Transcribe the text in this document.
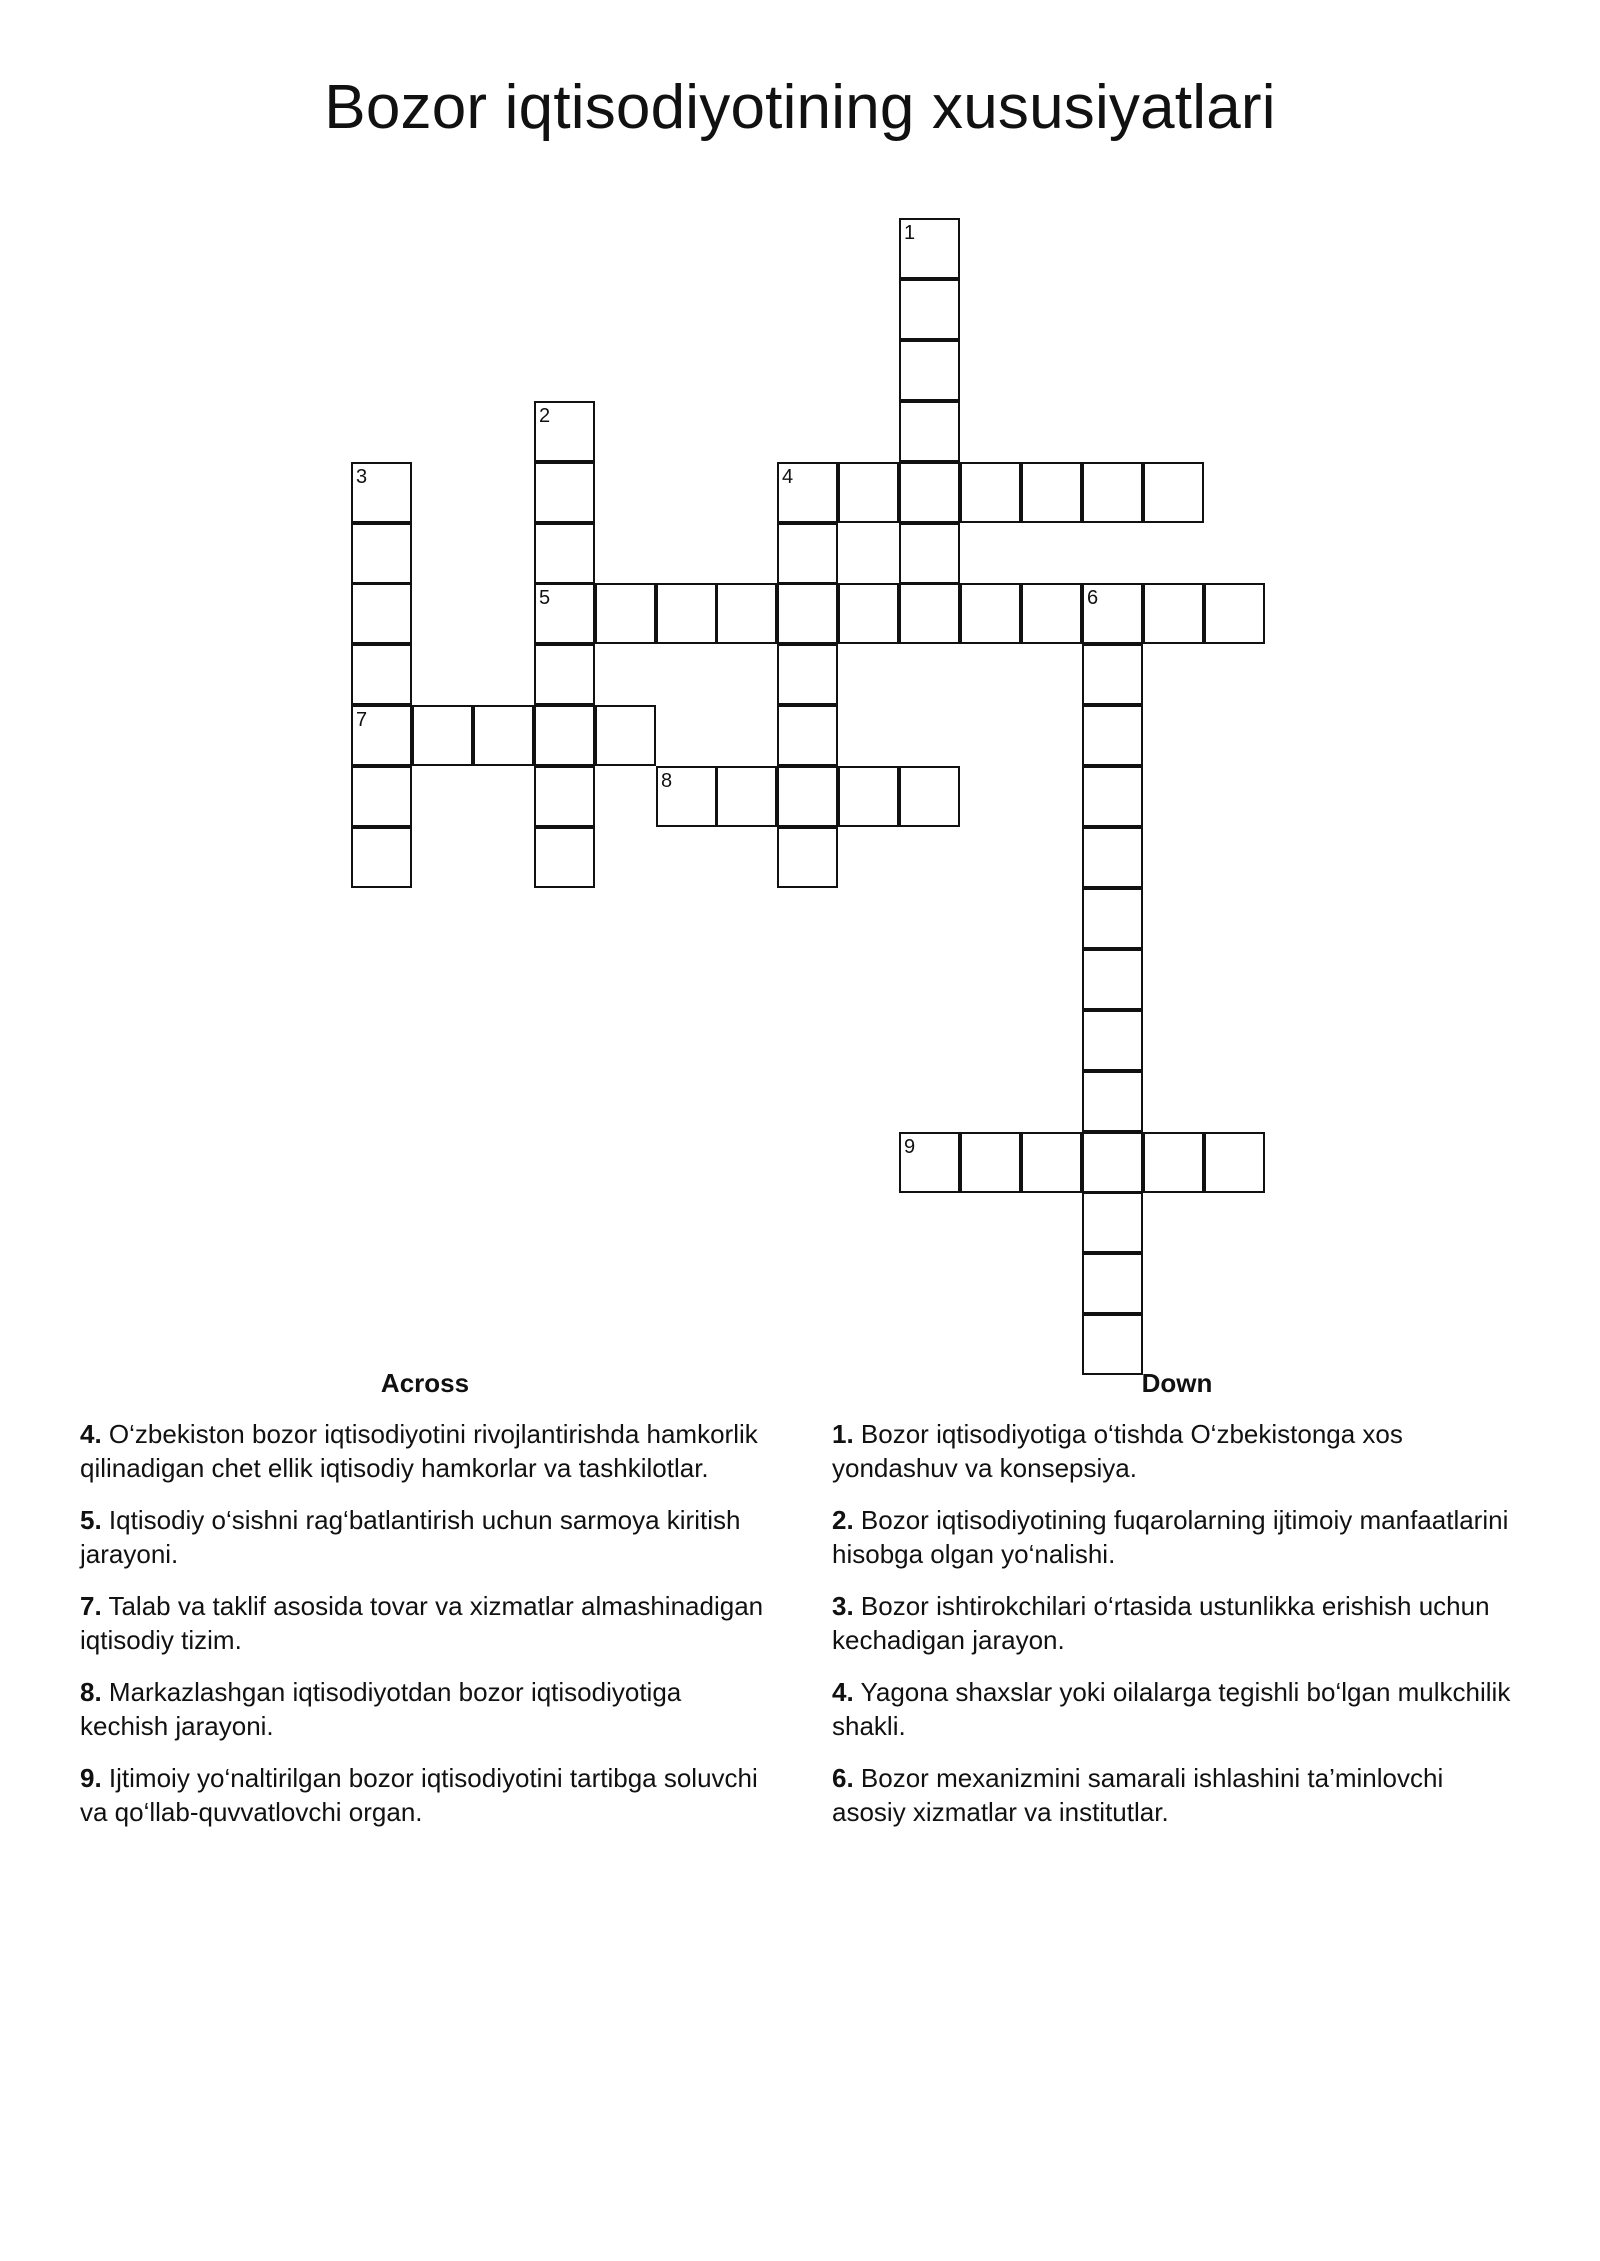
Bozor iqtisodiyotining xususiyatlari
1
2
5
3
7
4
6
8
9
Across
4. O‘zbekiston bozor iqtisodiyotini rivojlantirishda hamkorlik qilinadigan chet ellik iqtisodiy hamkorlar va tashkilotlar.
5. Iqtisodiy o‘sishni rag‘batlantirish uchun sarmoya kiritish jarayoni.
7. Talab va taklif asosida tovar va xizmatlar almashinadigan iqtisodiy tizim.
8. Markazlashgan iqtisodiyotdan bozor iqtisodiyotiga kechish jarayoni.
9. Ijtimoiy yo‘naltirilgan bozor iqtisodiyotini tartibga soluvchi va qo‘llab-quvvatlovchi organ.
Down
1. Bozor iqtisodiyotiga o‘tishda O‘zbekistonga xos yondashuv va konsepsiya.
2. Bozor iqtisodiyotining fuqarolarning ijtimoiy manfaatlarini hisobga olgan yo‘nalishi.
3. Bozor ishtirokchilari o‘rtasida ustunlikka erishish uchun kechadigan jarayon.
4. Yagona shaxslar yoki oilalarga tegishli bo‘lgan mulkchilik shakli.
6. Bozor mexanizmini samarali ishlashini ta’minlovchi asosiy xizmatlar va institutlar.
